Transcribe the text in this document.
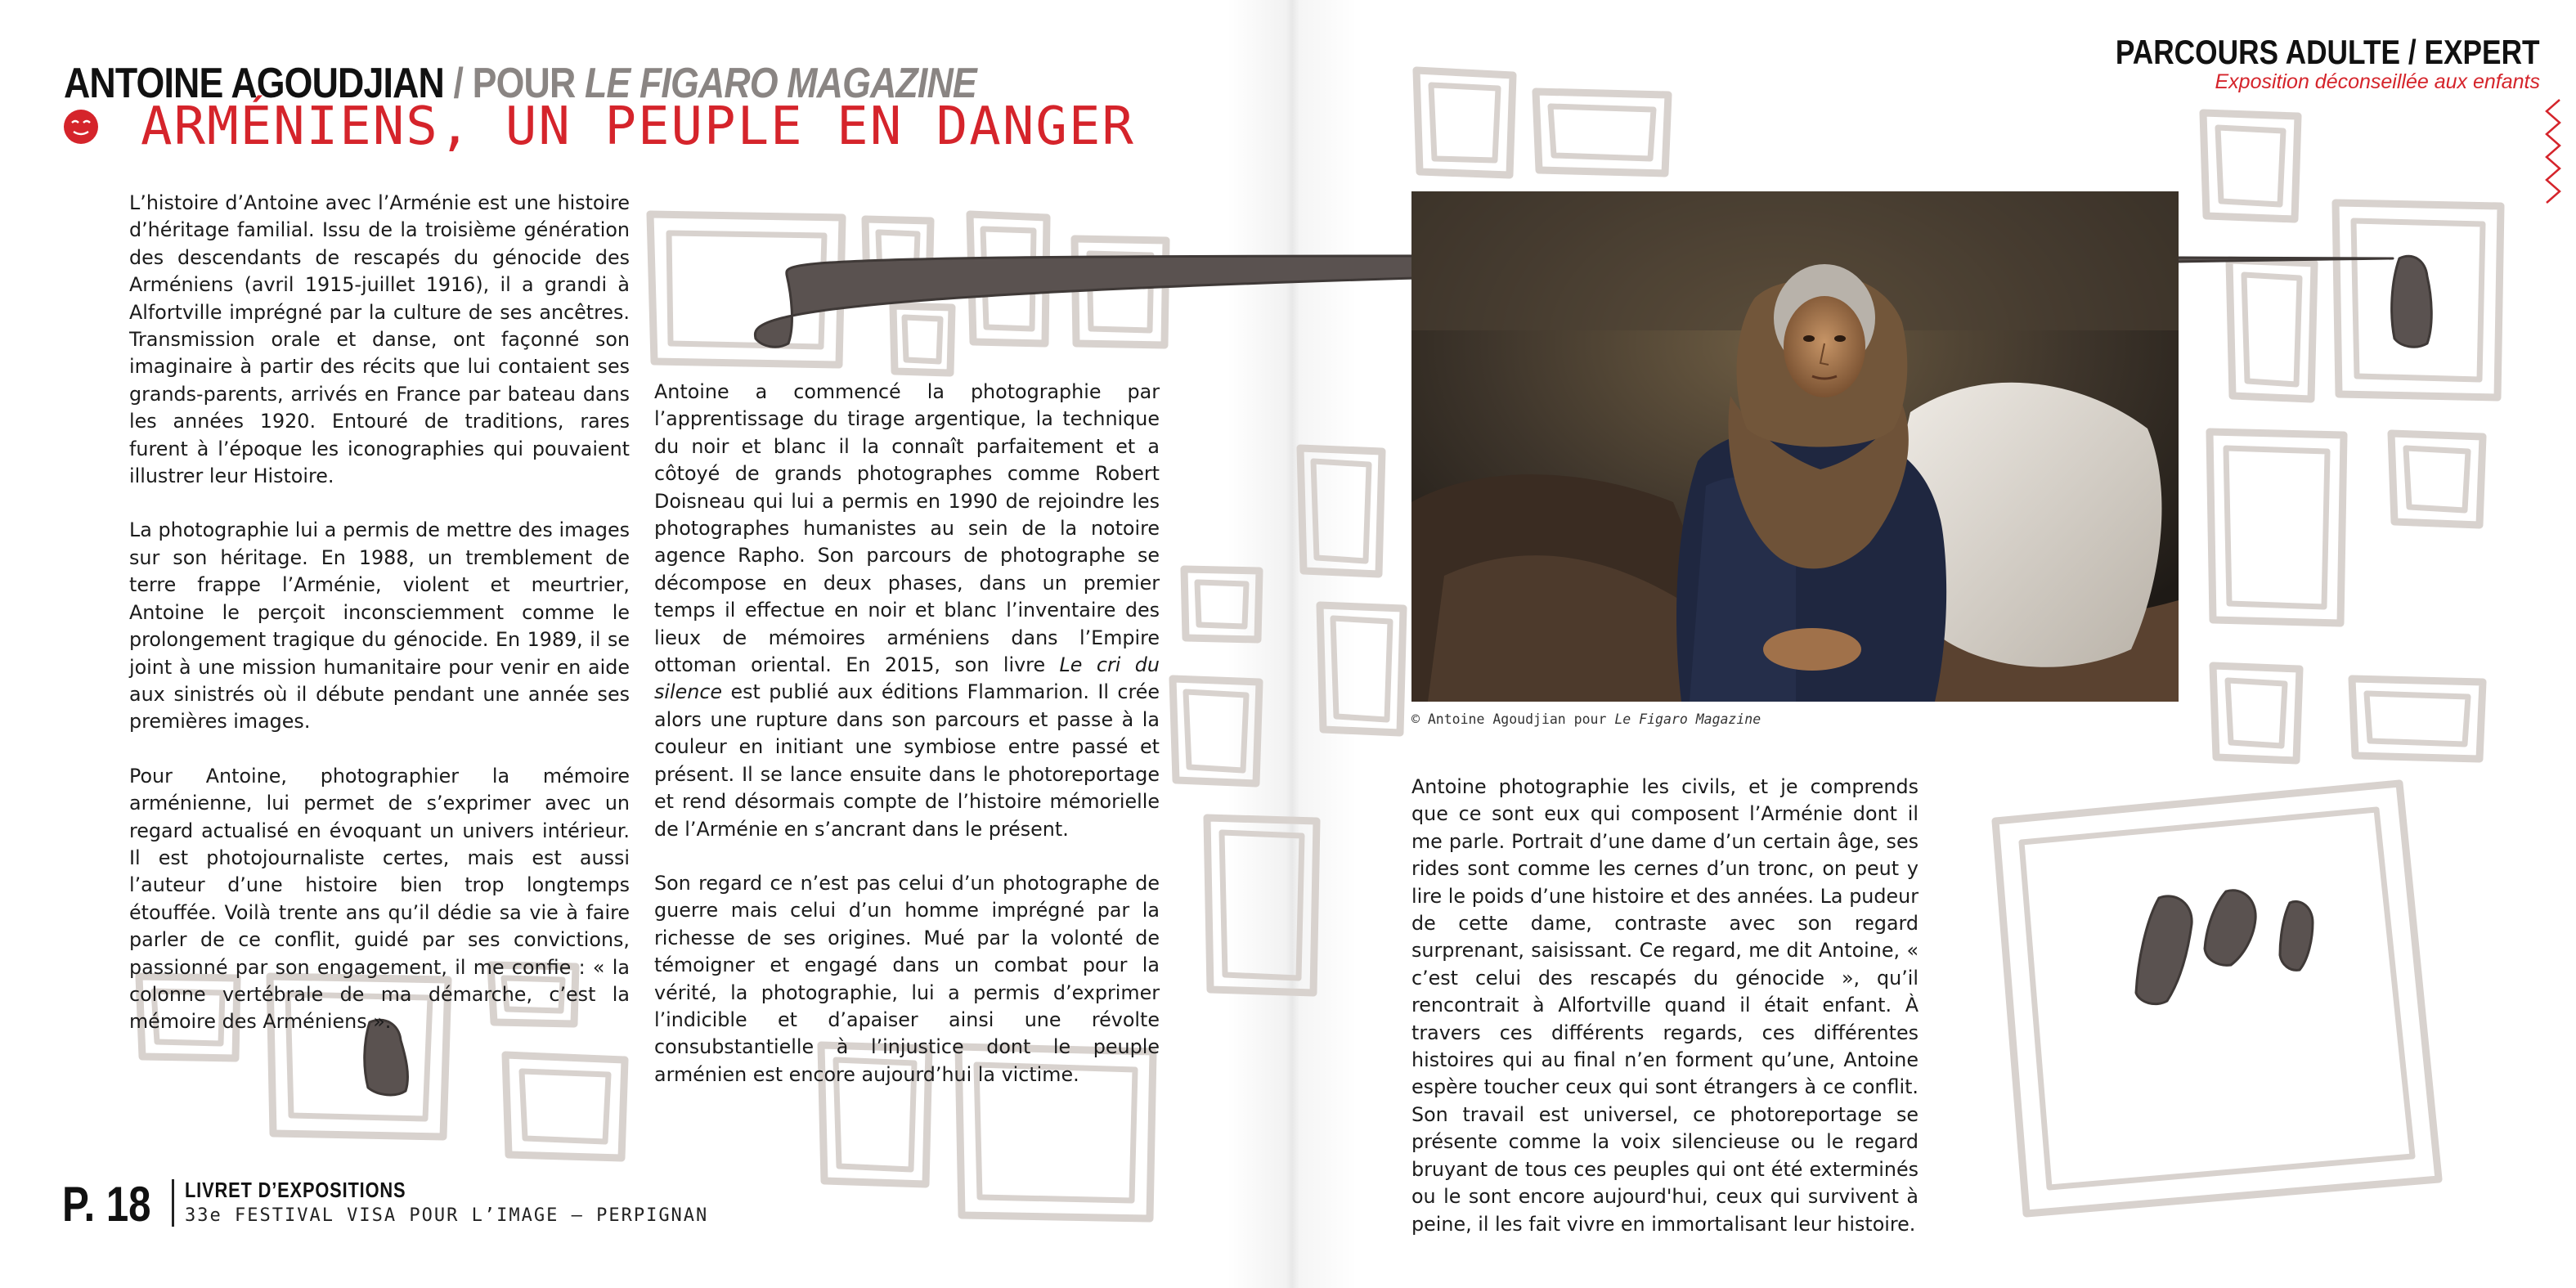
ANTOINE AGOUDJIAN / POUR LE FIGARO MAGAZINE
ARMÉNIENS, UN PEUPLE EN DANGER

L’histoire d’Antoine avec l’Arménie est une histoire d’héritage familial. Issu de la troisième génération des descendants de rescapés du génocide des Arméniens (avril 1915-juillet 1916), il a grandi à Alfortville imprégné par la culture de ses ancêtres. Transmission orale et danse, ont façonné son imaginaire à partir des récits que lui contaient ses grands-parents, arrivés en France par bateau dans les années 1920. Entouré de traditions, rares furent à l’époque les iconographies qui pouvaient illustrer leur Histoire.

La photographie lui a permis de mettre des images sur son héritage. En 1988, un tremblement de terre frappe l’Arménie, violent et meurtrier, Antoine le perçoit inconsciemment comme le prolongement tragique du génocide. En 1989, il se joint à une mission humanitaire pour venir en aide aux sinistrés où il débute pendant une année ses premières images.

Pour Antoine, photographier la mémoire arménienne, lui permet de s’exprimer avec un regard actualisé en évoquant un univers intérieur. Il est photojournaliste certes, mais est aussi l’auteur d’une histoire bien trop longtemps étouffée. Voilà trente ans qu’il dédie sa vie à faire parler de ce conflit, guidé par ses convictions, passionné par son engagement, il me confie : « la colonne vertébrale de ma démarche, c’est la mémoire des Arméniens ».

Antoine a commencé la photographie par l’apprentissage du tirage argentique, la technique du noir et blanc il la connaît parfaitement et a côtoyé de grands photographes comme Robert Doisneau qui lui a permis en 1990 de rejoindre les photographes humanistes au sein de la notoire agence Rapho. Son parcours de photographe se décompose en deux phases, dans un premier temps il effectue en noir et blanc l’inventaire des lieux de mémoires arméniens dans l’Empire ottoman oriental. En 2015, son livre Le cri du silence est publié aux éditions Flammarion. Il crée alors une rupture dans son parcours et passe à la couleur en initiant une symbiose entre passé et présent. Il se lance ensuite dans le photoreportage et rend désormais compte de l’histoire mémorielle de l’Arménie en s’ancrant dans le présent.

Son regard ce n’est pas celui d’un photographe de guerre mais celui d’un homme imprégné par la richesse de ses origines. Mué par la volonté de témoigner et engagé dans un combat pour la vérité, la photographie, lui a permis d’exprimer l’indicible et d’apaiser ainsi une révolte consubstantielle à l’injustice dont le peuple arménien est encore aujourd’hui la victime.

P. 18 LIVRET D’EXPOSITIONS
33e FESTIVAL VISA POUR L’IMAGE – PERPIGNAN
PARCOURS ADULTE / EXPERT
Exposition déconseillée aux enfants
© Antoine Agoudjian pour Le Figaro Magazine

Antoine photographie les civils, et je comprends que ce sont eux qui composent l’Arménie dont il me parle. Portrait d’une dame d’un certain âge, ses rides sont comme les cernes d’un tronc, on peut y lire le poids d’une histoire et des années. La pudeur de cette dame, contraste avec son regard surprenant, saisissant. Ce regard, me dit Antoine, « c’est celui des rescapés du génocide », qu’il rencontrait à Alfortville quand il était enfant. À travers ces différents regards, ces différentes histoires qui au final n’en forment qu’une, Antoine espère toucher ceux qui sont étrangers à ce conflit. Son travail est universel, ce photoreportage se présente comme la voix silencieuse ou le regard bruyant de tous ces peuples qui ont été exterminés ou le sont encore aujourd'hui, ceux qui survivent à peine, il les fait vivre en immortalisant leur histoire.
